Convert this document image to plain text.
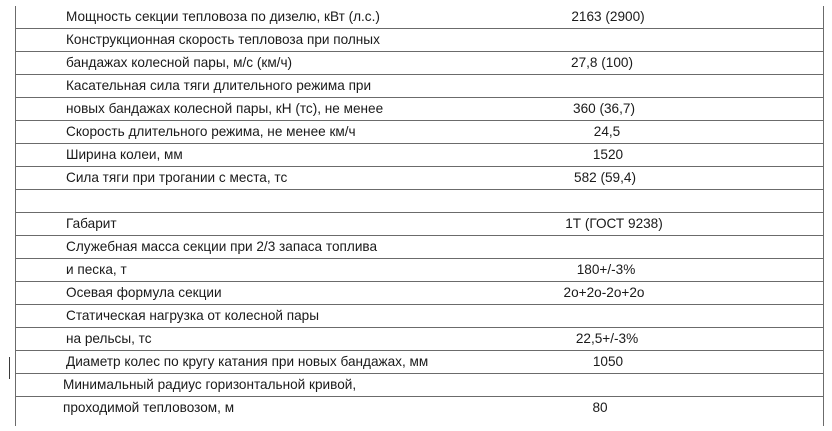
Мощность секции тепловоза по дизелю, кВт (л.с.)	2163 (2900)
Конструкционная скорость тепловоза при полных
бандажах колесной пары, м/с (км/ч)	27,8 (100)
Касательная сила тяги длительного режима при
новых бандажах колесной пары, кН (тс), не менее	360 (36,7)
Скорость длительного режима, не менее км/ч	24,5
Ширина колеи, мм	1520
Сила тяги при трогании с места, тс	582 (59,4)
Габарит	1Т (ГОСТ 9238)
Служебная масса секции при 2/3 запаса топлива
и песка, т	180+/-3%
Осевая формула секции	2о+2о-2о+2о
Статическая нагрузка от колесной пары
на рельсы, тс	22,5+/-3%
Диаметр колес по кругу катания при новых бандажах, мм	1050
Минимальный радиус горизонтальной кривой,
проходимой тепловозом, м	80
